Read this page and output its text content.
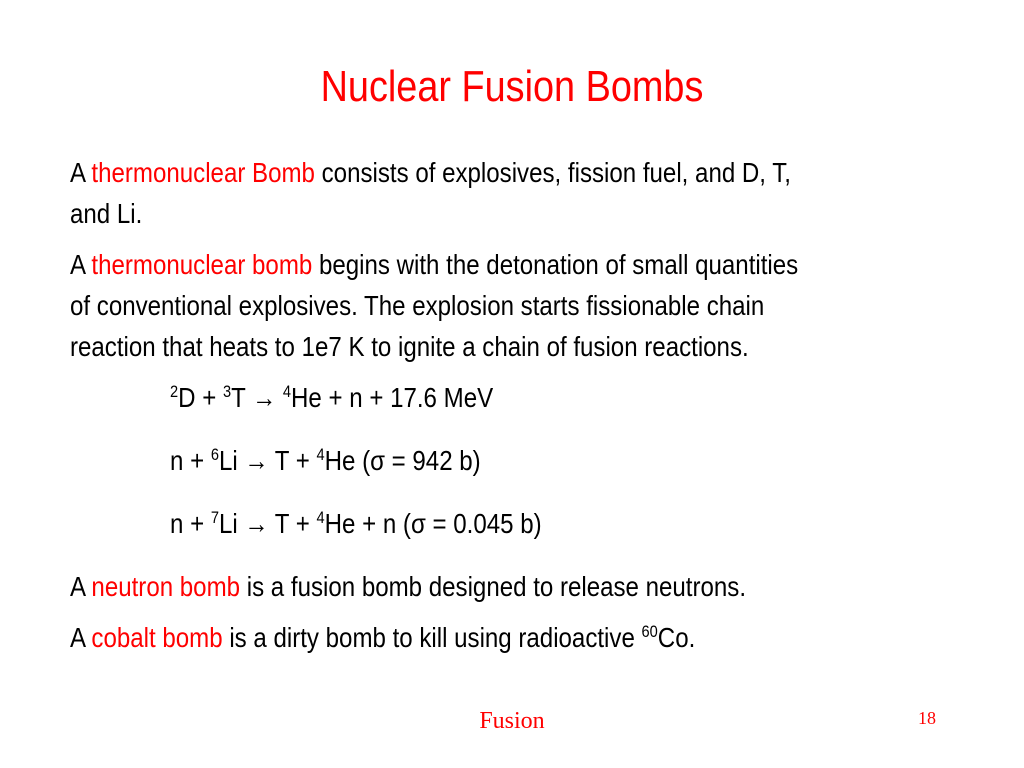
Nuclear Fusion Bombs
A thermonuclear Bomb consists of explosives, fission fuel, and D, T,
and Li.
A thermonuclear bomb begins with the detonation of small quantities
of conventional explosives. The explosion starts fissionable chain
reaction that heats to 1e7 K to ignite a chain of fusion reactions.
$^2$D + $^3$T → $^4$He + n + 17.6 MeV
n + $^6$Li → T + $^4$He (σ = 942 b)
n + $^7$Li → T + $^4$He + n (σ = 0.045 b)
A neutron bomb is a fusion bomb designed to release neutrons.
A cobalt bomb is a dirty bomb to kill using radioactive $^{60}$Co.
Fusion	18
